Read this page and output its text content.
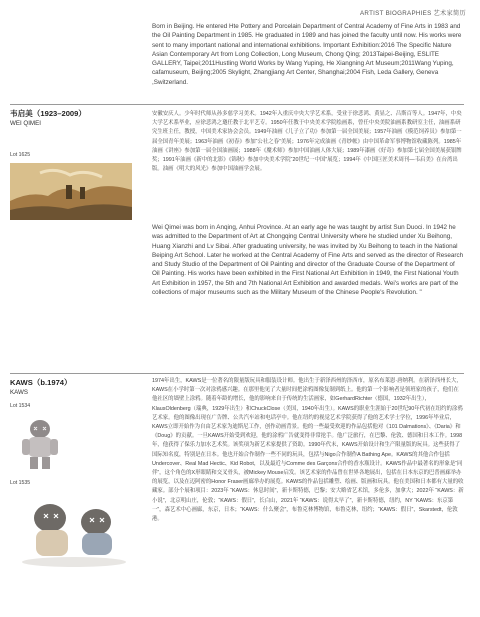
ARTIST BIOGRAPHIES 艺术家简历

Born in Beijing. He entered Hte Pottery and Porcelain Department of Central Academy of Fine Arts in 1983 and the Oil Painting Department in 1985. He graduated in 1989 and has joined the faculty until now. His works were sent to many important national and international exhibitions. Important Exhibition:2016 The Specific Nature Asian Contemporary Art from Long Collection, Long Museum, Chong Qing; 2013Taipei-Beijing, ESLITE GALLERY, Taipei;2011Hustling World Works by Wang Yuping, He Xiangning Art Museum;2011Wang Yuping, cafamuseum, Beijing;2005 Skylight, Zhangjiang Art Center, Shanghai;2004 Fish, Leda Gallery, Geneva ,Switzerland.

韦启美（1923–2009）

WEI QIMEI

Lot 1625

安徽安庆人。少年时代师从孙多慈学习美术。1942年入重庆中央大学艺术系，受业于徐悲鸿、黄显之、吕斯百等人。1947年，中央大学艺术系毕业，应徐悲鸿之邀任教于北平艺专。1950年任教于中央美术学院绘画系，曾任中央美院油画系教研室主任，油画系研究生班主任，教授，中国美术家协会会员。1949年油画《儿子立了功》参加第一届全国美展；1957年油画《模范饲养员》参加第一届全国青年美展；1963年油画《初春》参加“公社之春”美展；1976年完成油画《青纱帐》由中国革命军事博物馆收藏陈列。1985年油画《讲座》参加第一届全国油画展；1988年《魔术师》参加中国油画人体大展；1989年漆画《好奇》参加第七届全国美展获银牌奖；1991年油画《新中的北影》《锦秋》参加中央美术学院“20世纪一中国”展览；1994年《中国巨匠美术周刊—韦启美》在台湾出版。油画《明大的风光》参加中国油画学会展。

Wei Qimei was born in Anqing, Anhui Province. At an early age he was taught by artist Sun Duoci. In 1942 he was admitted to the Department of Art at Chongqing Central University where he studied under Xu Beihong, Huang Xianzhi and Lv Sibai. After graduating university, he was invited by Xu Beihong to teach in the National Beiping Art School. Later he worked at the Central Academy of Fine Arts and served as the director of Research and Study Studio of the Department of Oil Painting and director of the Graduate Course of the Department of Oil Painting. His works have been exhibited in the First National Art Exhibition in 1949, the First National Youth Art Exhibition in 1957, the 5th and 7th National Art Exhibition and awarded medals. Wei's works are part of the collections of major museums such as the Military Museum of the Chinese People's Revolution. "

KAWS（b.1974）

KAWS

Lot 1534
Lot 1535

1974年出生，KAWS是一位著名的限量版玩具和服装设计师。他出生于新泽西州的泽西市，原名布莱恩·唐纳利。在新泽西州长大，KAWS在小学时第一次对涂鸦感兴趣。在那里他见了大量时间把涂鸦图像复制到纸上。他的第一个影响者是领班家的孩子，他们在他社区的墙壁上涂鸦。随着年龄的增长，他的影响来自于传统的生活画家，如GerhardRichter（德国，1932年出生），KlausOldenberg（瑞典，1929年出生）和ChuckClose（美国，1940年出生）。KAWS的职业生涯始于20世纪90年代初在纽约的涂鸦艺术家。他的图像出现在广告牌、公共汽车站和电话亭中。他在纽约的视觉艺术学院获得了他的艺术学士学位，1996年毕业后，KAWS立即开始作为自由艺术家为迪斯尼工作，创作动画背景。他的一些最受欢迎的作品包括他对《101 Dalmations》、《Daria》和《Doug》的贡献。一旦KAWS开始受到欢迎，他的涂鸦广告就变得非常抢手。他广泛旅行，在巴黎、伦敦、德国和日本工作。1998年，他获得了保乐力加水艺术奖。该奖项为新艺术家提供了资助。1990年代末，KAWS开始设计和生产限量版的玩具。这些获得了国际知名度，特别是在日本。他也开始合作制作一些不同的玩具，包括与Nigo合作制作A Bathing Ape。KAWS的其他合作包括Undercover、Real Mad Hectic、Kid Robot，以及最近与Comme des Garçons合作的香水瓶设计。KAWS作品中最著名的形象是“同伴”，这个角色的X形眼睛和交叉骨头，被Mickey Mouse启发。该艺术家的作品曾在世界各地展出，包括在日本东京的巴普画廊举办的展览，以及在迈阿密的Honor Fraser画廊举办的展览。KAWS的作品包括雕塑、绘画、版画和玩具。他在美国和日本都有大量的收藏家。部分个展和项目：2023年 “KAWS：休息时间”，新卡斯特德，巴黎；安大略省艺术馆，多伦多，加拿大；2022年 “KAWS：新小说”，北京明山庄，伦敦；“KAWS：假日”，长白山，2021年 “KAWS：说得太早了”，新卡斯特德，纽约，NY “KAWS：东京第一”，森艺术中心画廊，东京，日本；“KAWS：什么聚会”，布鲁克林博物馆，布鲁克林，纽约；“KAWS：假日”，Skarstedt，伦敦港。
